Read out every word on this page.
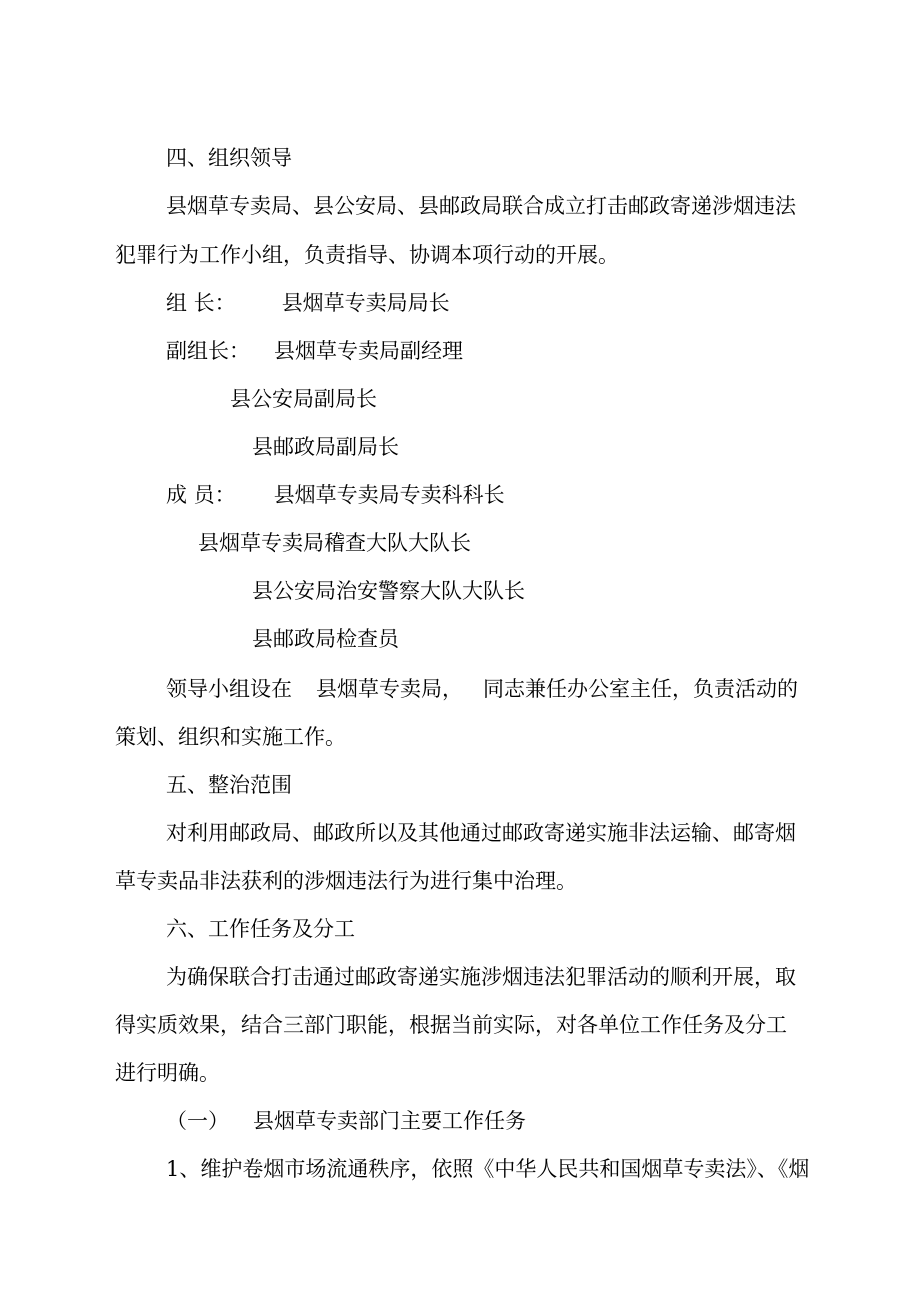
四、组织领导

县烟草专卖局、县公安局、县邮政局联合成立打击邮政寄递涉烟违法

犯罪行为工作小组，负责指导、协调本项行动的开展。

组 长： 县烟草专卖局局长

副组长： 县烟草专卖局副经理

县公安局副局长

县邮政局副局长

成 员： 县烟草专卖局专卖科科长

县烟草专卖局稽查大队大队长

县公安局治安警察大队大队长

县邮政局检查员

领导小组设在 县烟草专卖局， 同志兼任办公室主任，负责活动的

策划、组织和实施工作。

五、整治范围

对利用邮政局、邮政所以及其他通过邮政寄递实施非法运输、邮寄烟

草专卖品非法获利的涉烟违法行为进行集中治理。

六、工作任务及分工

为确保联合打击通过邮政寄递实施涉烟违法犯罪活动的顺利开展，取

得实质效果，结合三部门职能，根据当前实际，对各单位工作任务及分工

进行明确。

（一） 县烟草专卖部门主要工作任务

1、维护卷烟市场流通秩序，依照《中华人民共和国烟草专卖法》、《烟
